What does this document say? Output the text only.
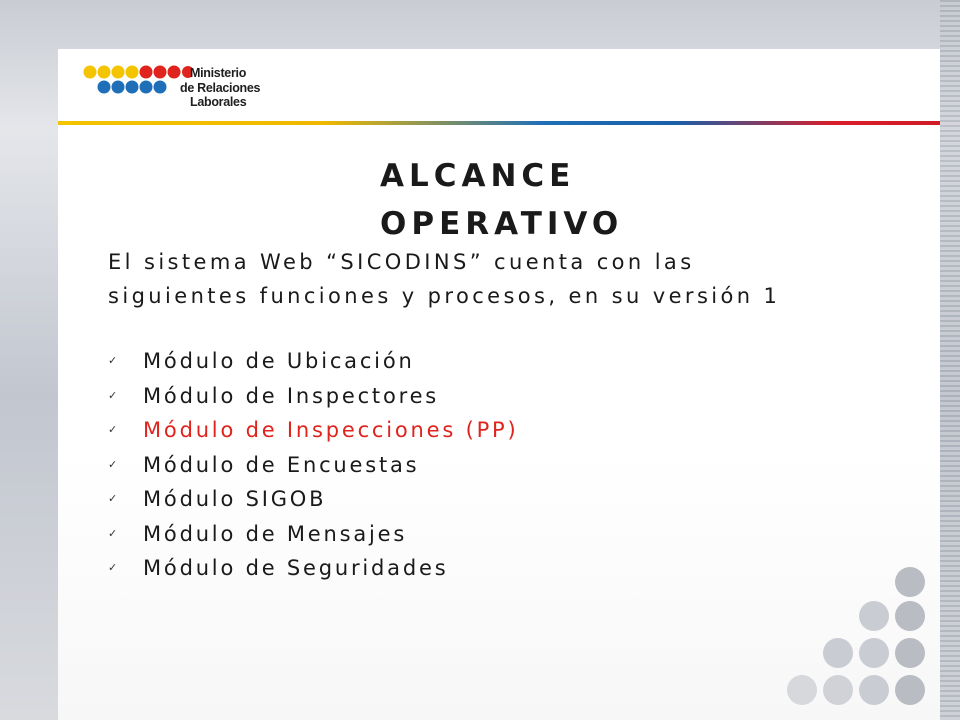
Ministerio
de Relaciones
Laborales
ALCANCE
OPERATIVO
El sistema Web “SICODINS” cuenta con las
siguientes funciones y procesos, en su versión 1
✓ Módulo de Ubicación
✓ Módulo de Inspectores
✓ Módulo de Inspecciones (PP)
✓ Módulo de Encuestas
✓ Módulo SIGOB
✓ Módulo de Mensajes
✓ Módulo de Seguridades
